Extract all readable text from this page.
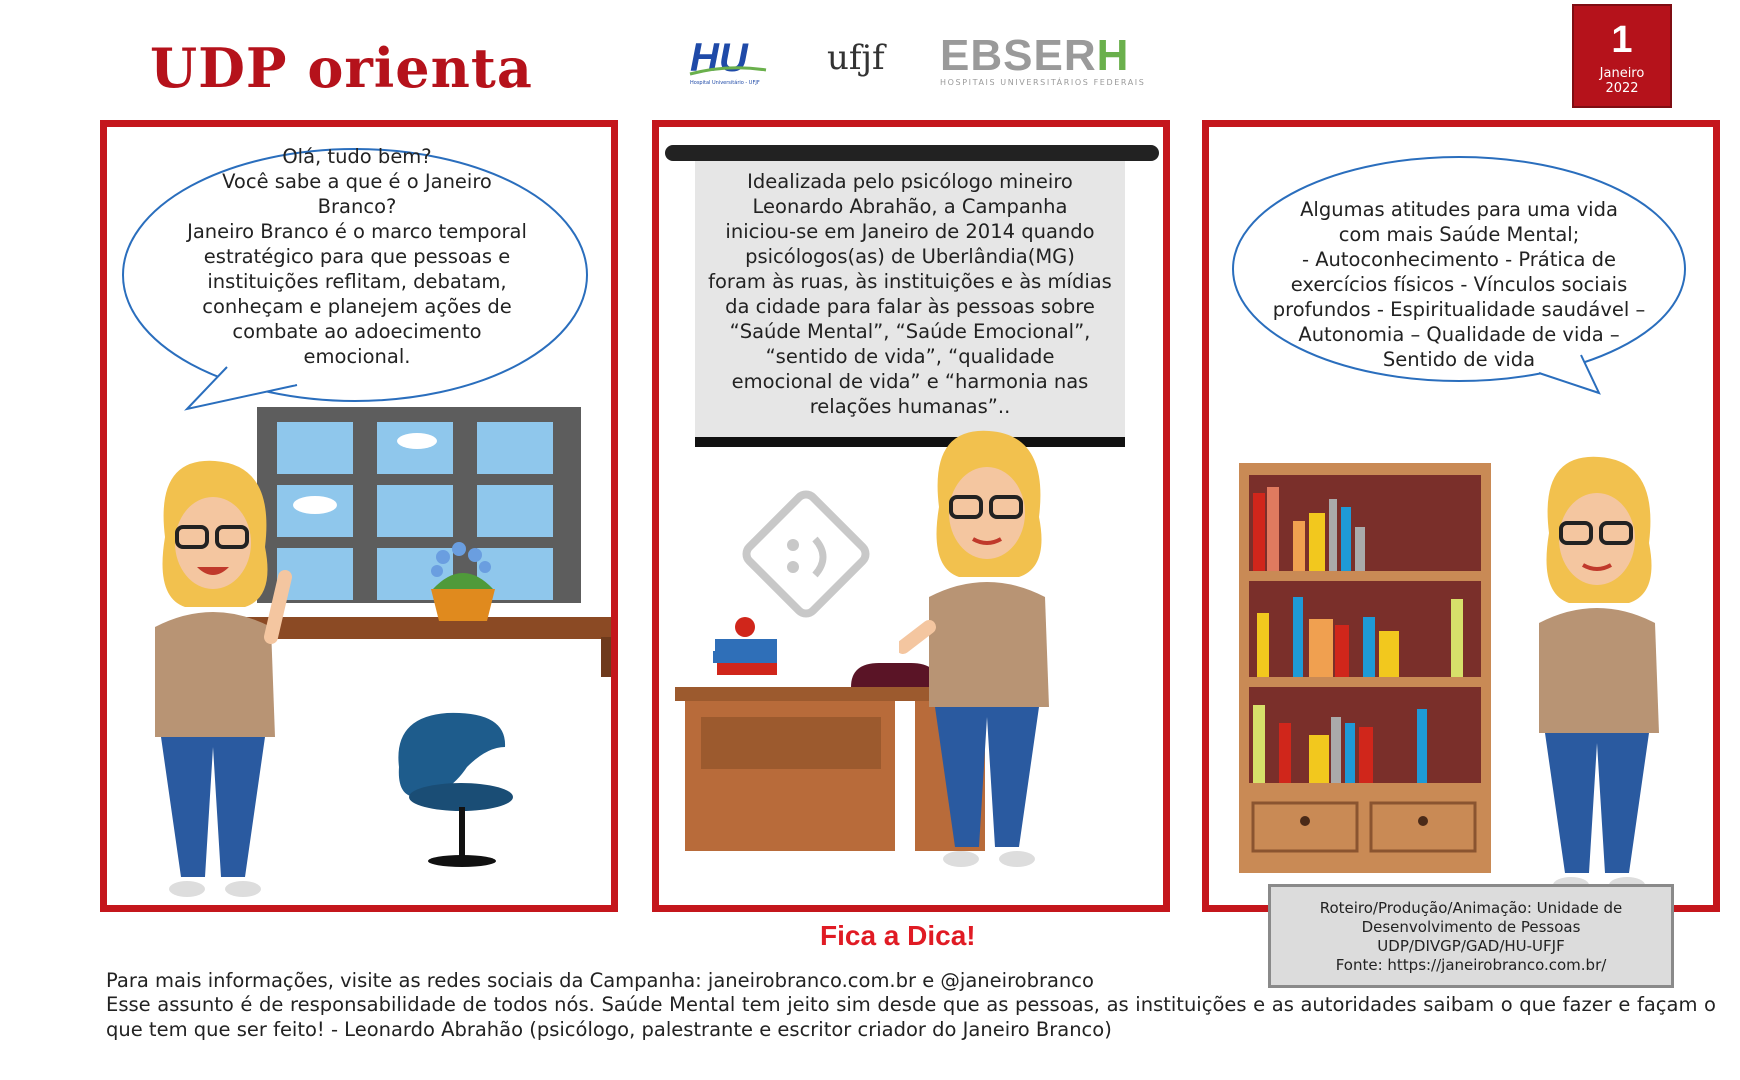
UDP orienta	HU
Hospital Universitário - UFJF
ufjf EBSERH
HOSPITAIS UNIVERSITÁRIOS FEDERAIS
1
Janeiro
2022
Olá, tudo bem?
Você sabe a que é o Janeiro
Branco?
Janeiro Branco é o marco temporal
estratégico para que pessoas e
instituições reflitam, debatam,
conheçam e planejem ações de
combate ao adoecimento
emocional.
Idealizada pelo psicólogo mineiro
Leonardo Abrahão, a Campanha
iniciou-se em Janeiro de 2014 quando
psicólogos(as) de Uberlândia(MG)
foram às ruas, às instituições e às mídias
da cidade para falar às pessoas sobre
“Saúde Mental”, “Saúde Emocional”,
“sentido de vida”, “qualidade
emocional de vida” e “harmonia nas
relações humanas”..
Algumas atitudes para uma vida
com mais Saúde Mental;
- Autoconhecimento - Prática de
exercícios físicos - Vínculos sociais
profundos - Espiritualidade saudável –
Autonomia – Qualidade de vida –
Sentido de vida
Fica a Dica!
Roteiro/Produção/Animação: Unidade de
Desenvolvimento de Pessoas
UDP/DIVGP/GAD/HU-UFJF
Fonte: https://janeirobranco.com.br/
Para mais informações, visite as redes sociais da Campanha: janeirobranco.com.br e @janeirobranco
Esse assunto é de responsabilidade de todos nós. Saúde Mental tem jeito sim desde que as pessoas, as instituições e as autoridades saibam o que fazer e façam o que tem que ser feito! - Leonardo Abrahão (psicólogo, palestrante e escritor criador do Janeiro Branco)
